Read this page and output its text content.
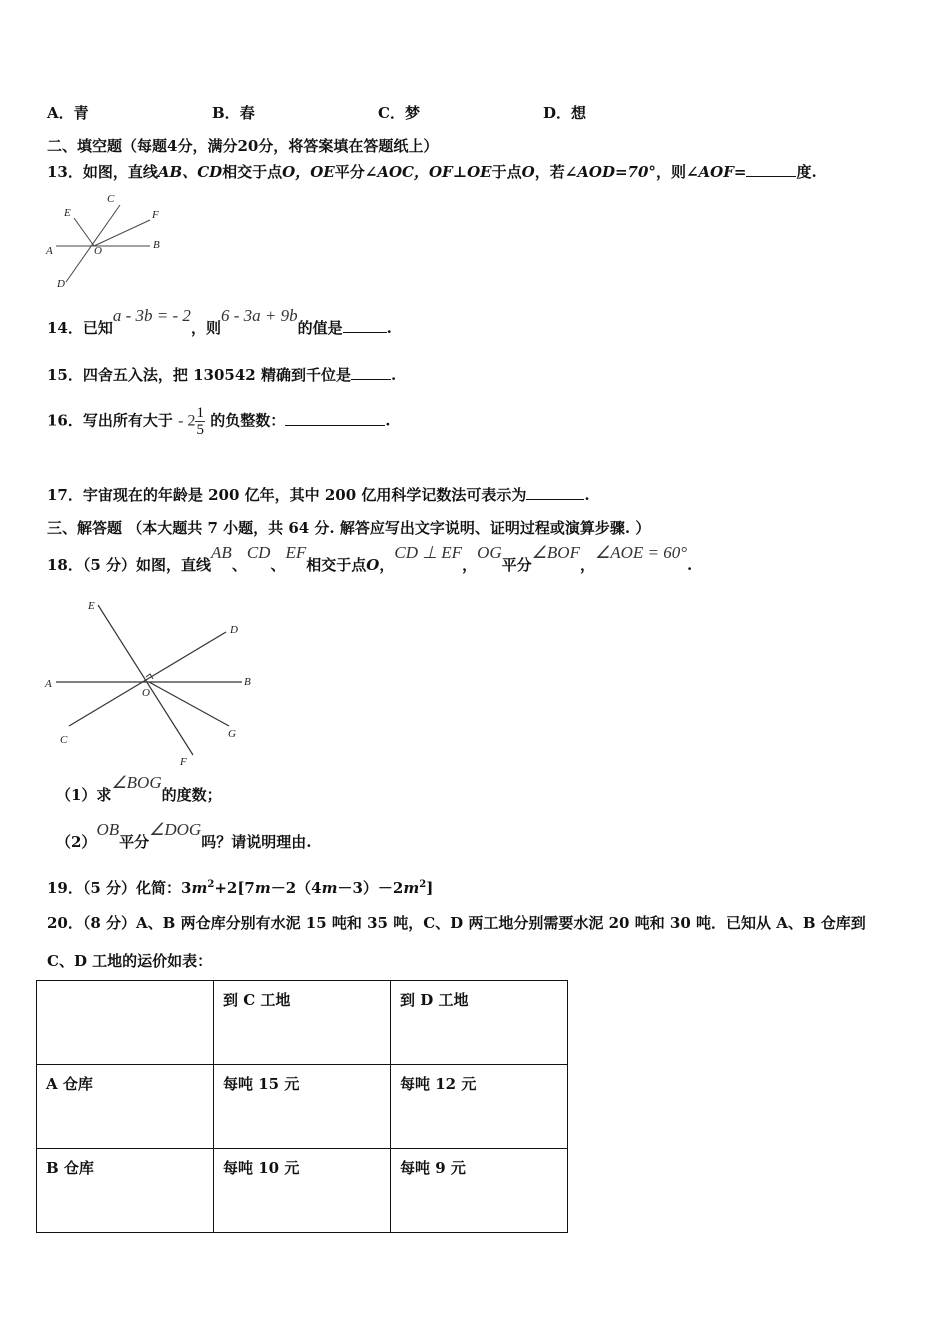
A．青	B．春	C．梦	D．想
二、填空题（每题4分，满分20分，将答案填在答题纸上）
13．如图，直线AB、CD相交于点O，OE平分∠AOC，OF⊥OE于点O，若∠AOD=70°，则∠AOF=	度.
C
E	F
A	O	B
D
14．已知a - 3b = - 2，则6 - 3a + 9b的值是	.
15．四舍五入法，把 130542 精确到千位是	.
16．写出所有大于 - $2 \frac{1}{5}$ 的负整数：	.
17．宇宙现在的年龄是 200 亿年，其中 200 亿用科学记数法可表示为	.
三、解答题 （本大题共 7 小题，共 64 分. 解答应写出文字说明、证明过程或演算步骤. ）
18．（5 分）如图，直线AB、CD、EF相交于点O，CD ⊥ EF，OG平分∠BOF，∠AOE = 60°.
E
D
A	B
O
C	G
F
（1）求∠BOG的度数；
（2）OB平分∠DOG吗？请说明理由.
19．（5 分）化简：$3m^2+2[7m-2(4m-3)-2m^2]$
20．（8 分）A、B 两仓库分别有水泥 15 吨和 35 吨，C、D 两工地分别需要水泥 20 吨和 30 吨．已知从 A、B 仓库到
C、D 工地的运价如表：
	到 C 工地	到 D 工地
A 仓库	每吨 15 元	每吨 12 元
B 仓库	每吨 10 元	每吨 9 元
